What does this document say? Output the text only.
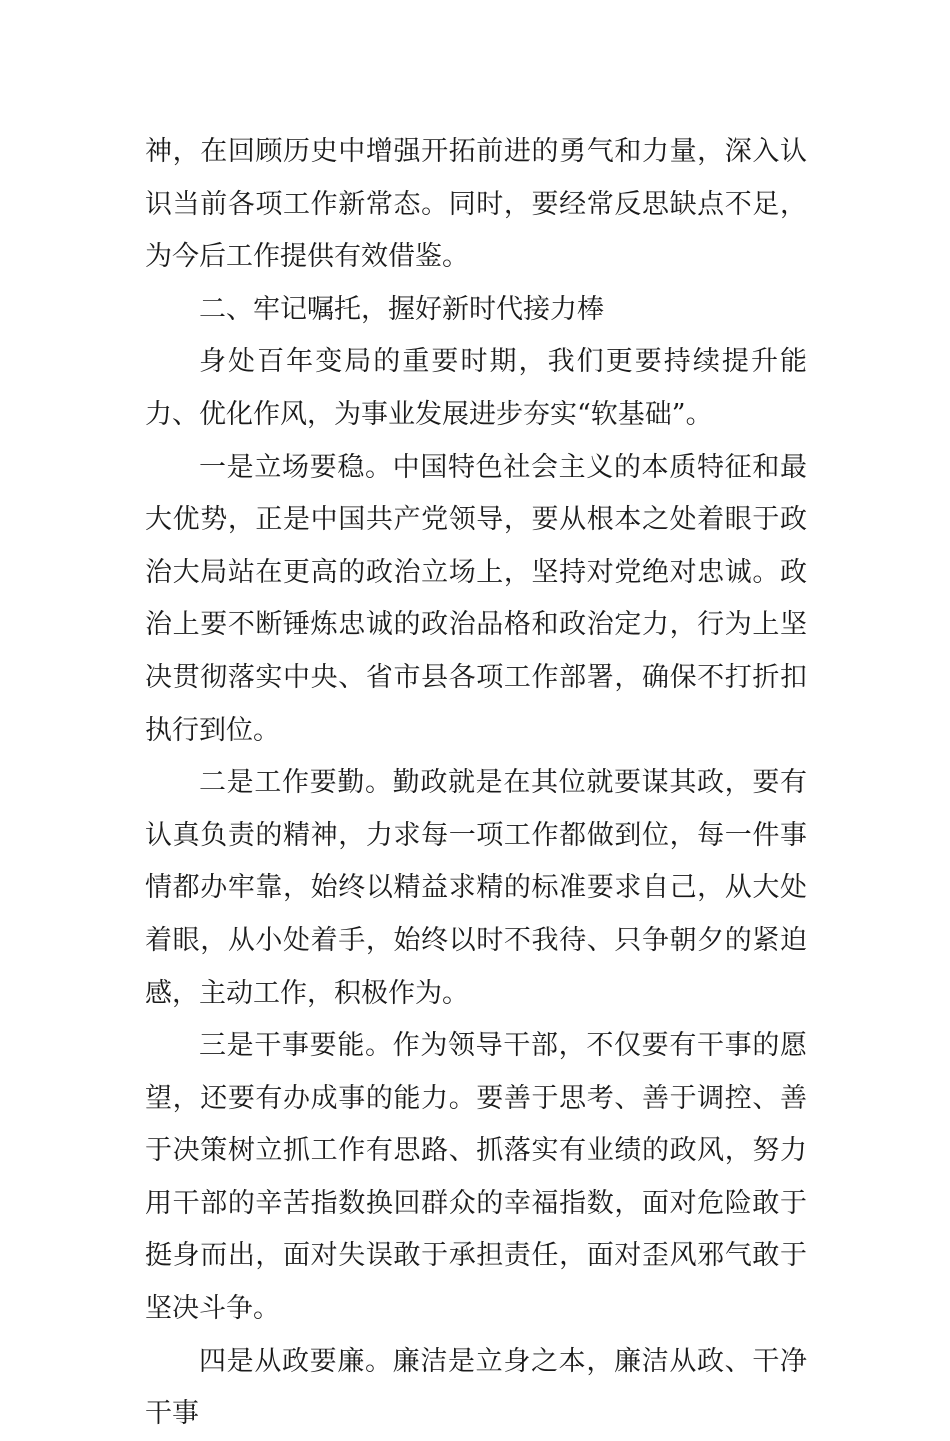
神，在回顾历史中增强开拓前进的勇气和力量，深入认识当前各项工作新常态。同时，要经常反思缺点不足，为今后工作提供有效借鉴。

二、牢记嘱托，握好新时代接力棒

身处百年变局的重要时期，我们更要持续提升能力、优化作风，为事业发展进步夯实“软基础”。

一是立场要稳。中国特色社会主义的本质特征和最大优势，正是中国共产党领导，要从根本之处着眼于政治大局站在更高的政治立场上，坚持对党绝对忠诚。政治上要不断锤炼忠诚的政治品格和政治定力，行为上坚决贯彻落实中央、省市县各项工作部署，确保不打折扣执行到位。

二是工作要勤。勤政就是在其位就要谋其政，要有认真负责的精神，力求每一项工作都做到位，每一件事情都办牢靠，始终以精益求精的标准要求自己，从大处着眼，从小处着手，始终以时不我待、只争朝夕的紧迫感，主动工作，积极作为。

三是干事要能。作为领导干部，不仅要有干事的愿望，还要有办成事的能力。要善于思考、善于调控、善于决策树立抓工作有思路、抓落实有业绩的政风，努力用干部的辛苦指数换回群众的幸福指数，面对危险敢于挺身而出，面对失误敢于承担责任，面对歪风邪气敢于坚决斗争。

四是从政要廉。廉洁是立身之本，廉洁从政、干净干事
